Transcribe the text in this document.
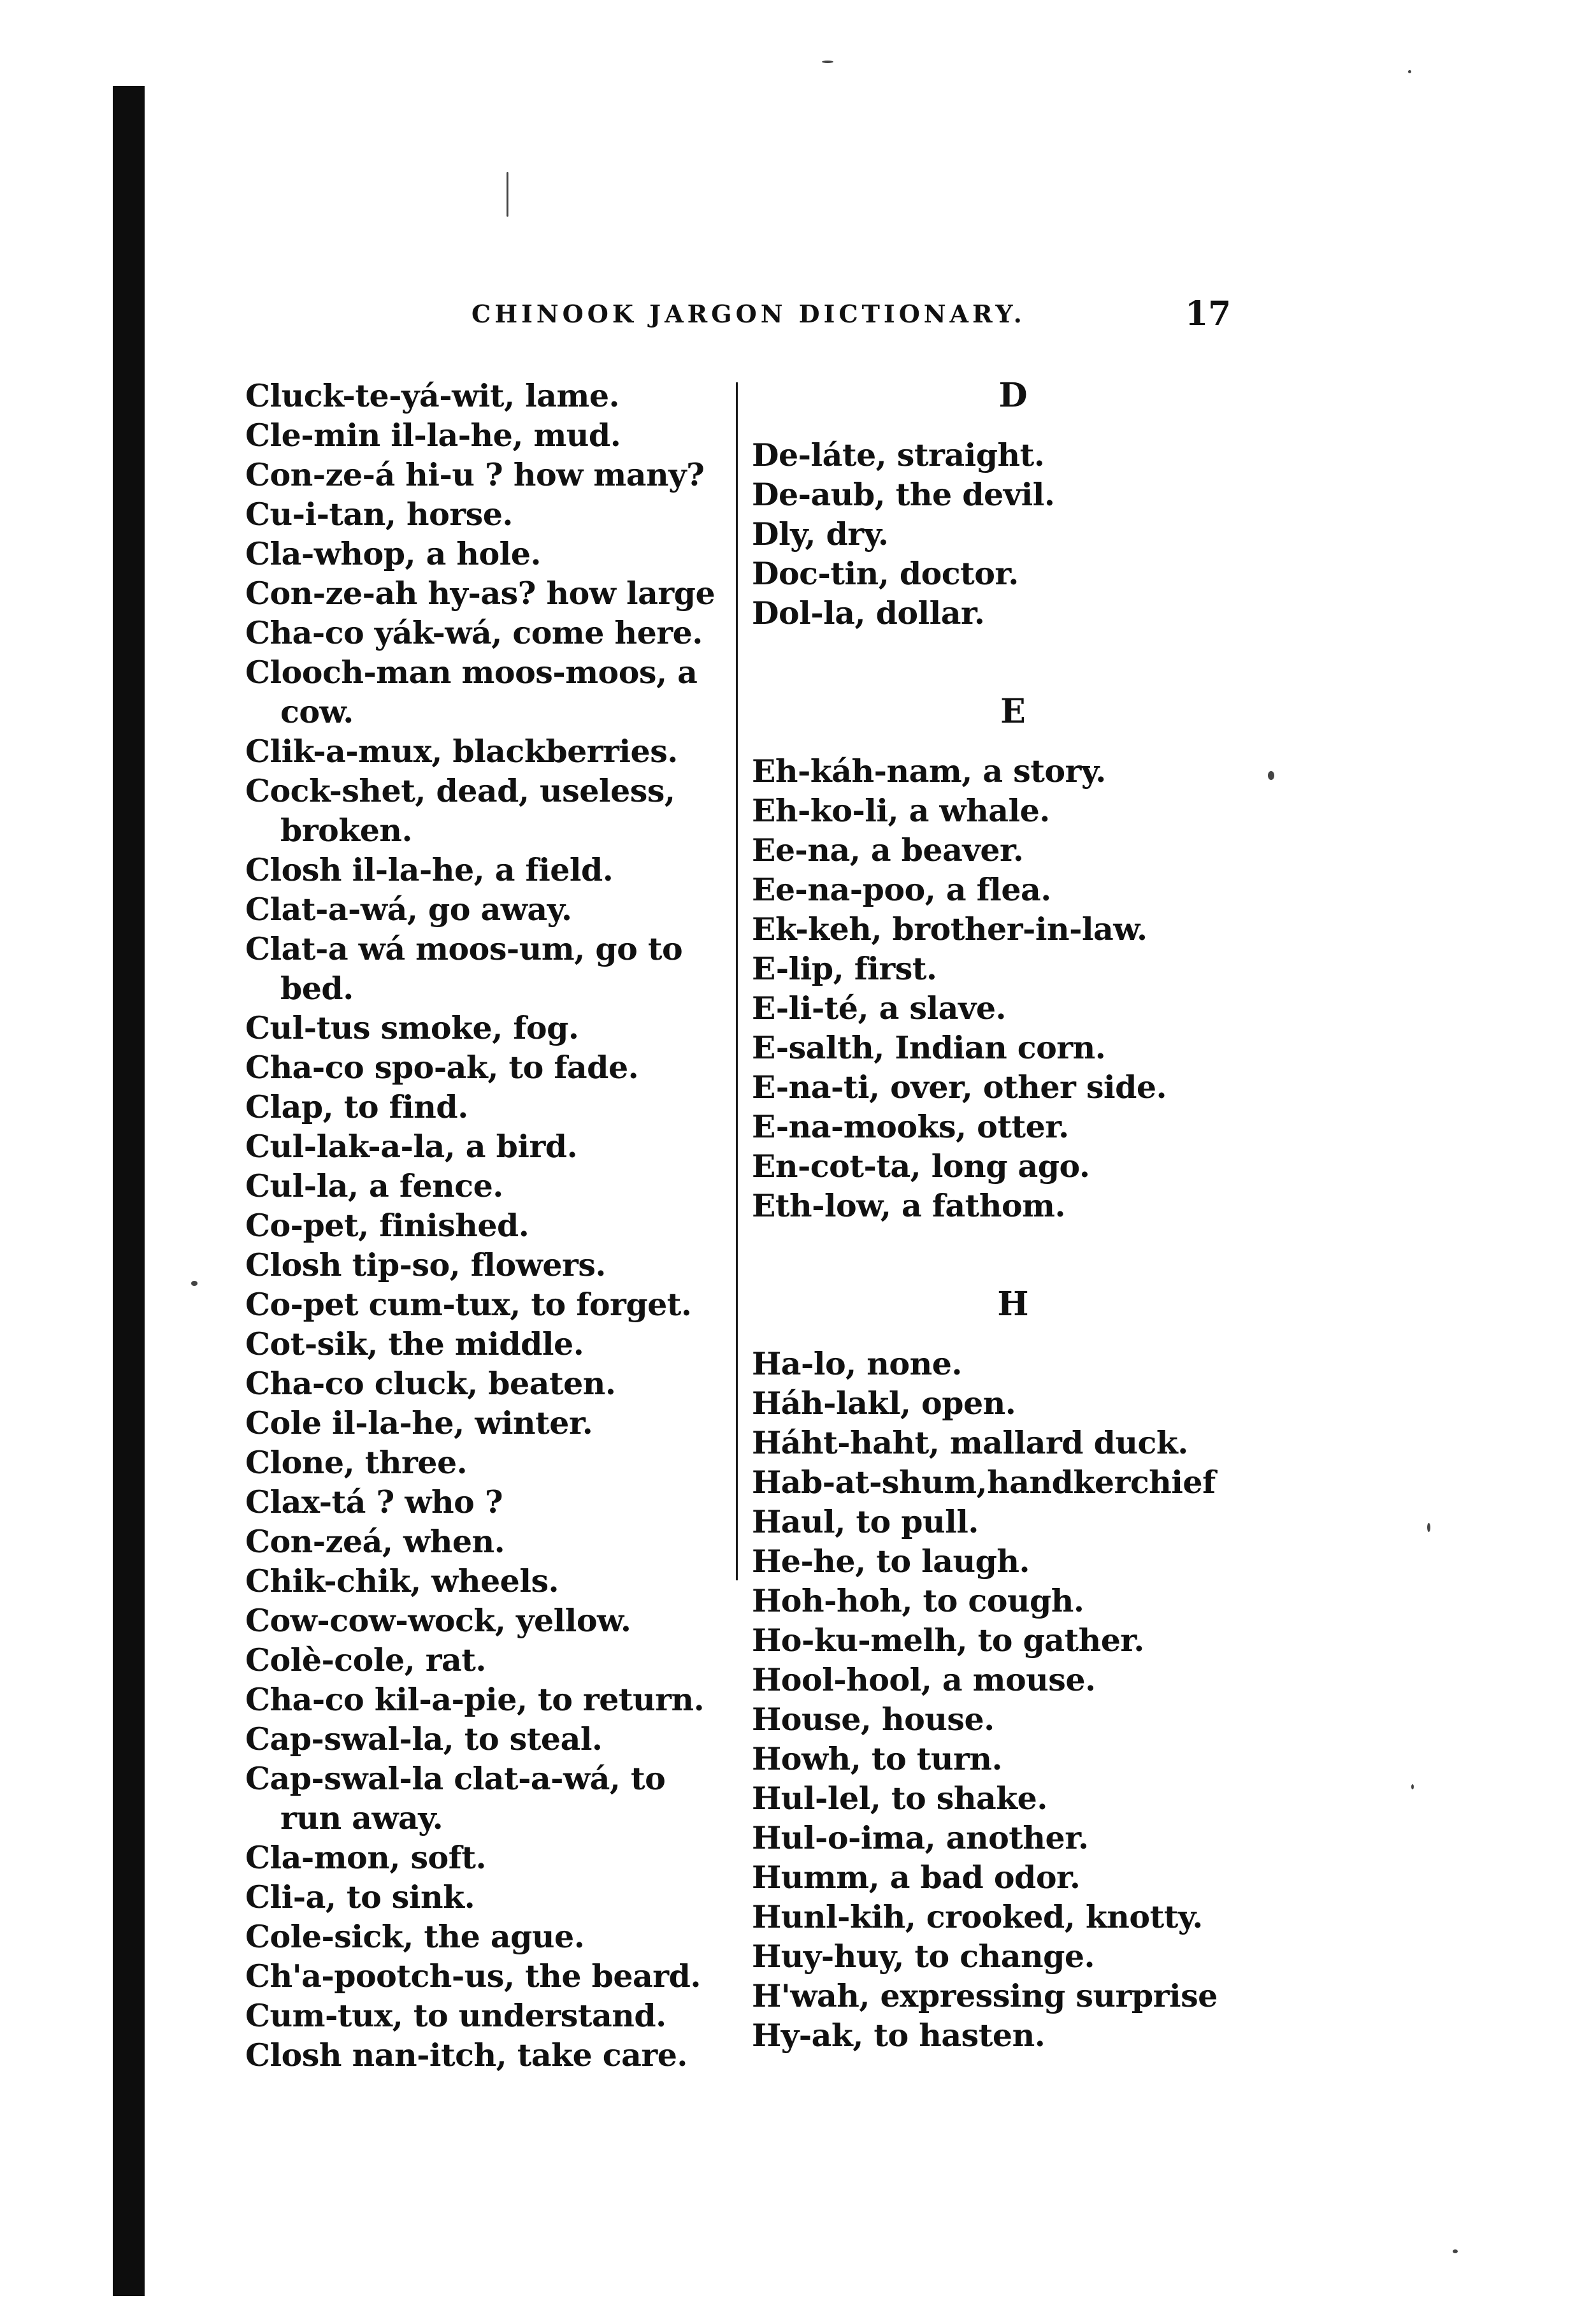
CHINOOK JARGON DICTIONARY.	17
Cluck-te-yá-wit, lame.
Cle-min il-la-he, mud.
Con-ze-á hi-u ? how many?
Cu-i-tan, horse.
Cla-whop, a hole.
Con-ze-ah hy-as? how large
Cha-co yák-wá, come here.
Clooch-man moos-moos, a
cow.
Clik-a-mux, blackberries.
Cock-shet, dead, useless,
broken.
Closh il-la-he, a field.
Clat-a-wá, go away.
Clat-a wá moos-um, go to
bed.
Cul-tus smoke, fog.
Cha-co spo-ak, to fade.
Clap, to find.
Cul-lak-a-la, a bird.
Cul-la, a fence.
Co-pet, finished.
Closh tip-so, flowers.
Co-pet cum-tux, to forget.
Cot-sik, the middle.
Cha-co cluck, beaten.
Cole il-la-he, winter.
Clone, three.
Clax-tá ? who ?
Con-zeá, when.
Chik-chik, wheels.
Cow-cow-wock, yellow.
Colè-cole, rat.
Cha-co kil-a-pie, to return.
Cap-swal-la, to steal.
Cap-swal-la clat-a-wá, to
run away.
Cla-mon, soft.
Cli-a, to sink.
Cole-sick, the ague.
Ch'a-pootch-us, the beard.
Cum-tux, to understand.
Closh nan-itch, take care.
D
De-láte, straight.
De-aub, the devil.
Dly, dry.
Doc-tin, doctor.
Dol-la, dollar.
E
Eh-káh-nam, a story.
Eh-ko-li, a whale.
Ee-na, a beaver.
Ee-na-poo, a flea.
Ek-keh, brother-in-law.
E-lip, first.
E-li-té, a slave.
E-salth, Indian corn.
E-na-ti, over, other side.
E-na-mooks, otter.
En-cot-ta, long ago.
Eth-low, a fathom.
H
Ha-lo, none.
Háh-lakl, open.
Háht-haht, mallard duck.
Hab-at-shum,handkerchief
Haul, to pull.
He-he, to laugh.
Hoh-hoh, to cough.
Ho-ku-melh, to gather.
Hool-hool, a mouse.
House, house.
Howh, to turn.
Hul-lel, to shake.
Hul-o-ima, another.
Humm, a bad odor.
Hunl-kih, crooked, knotty.
Huy-huy, to change.
H'wah, expressing surprise
Hy-ak, to hasten.
